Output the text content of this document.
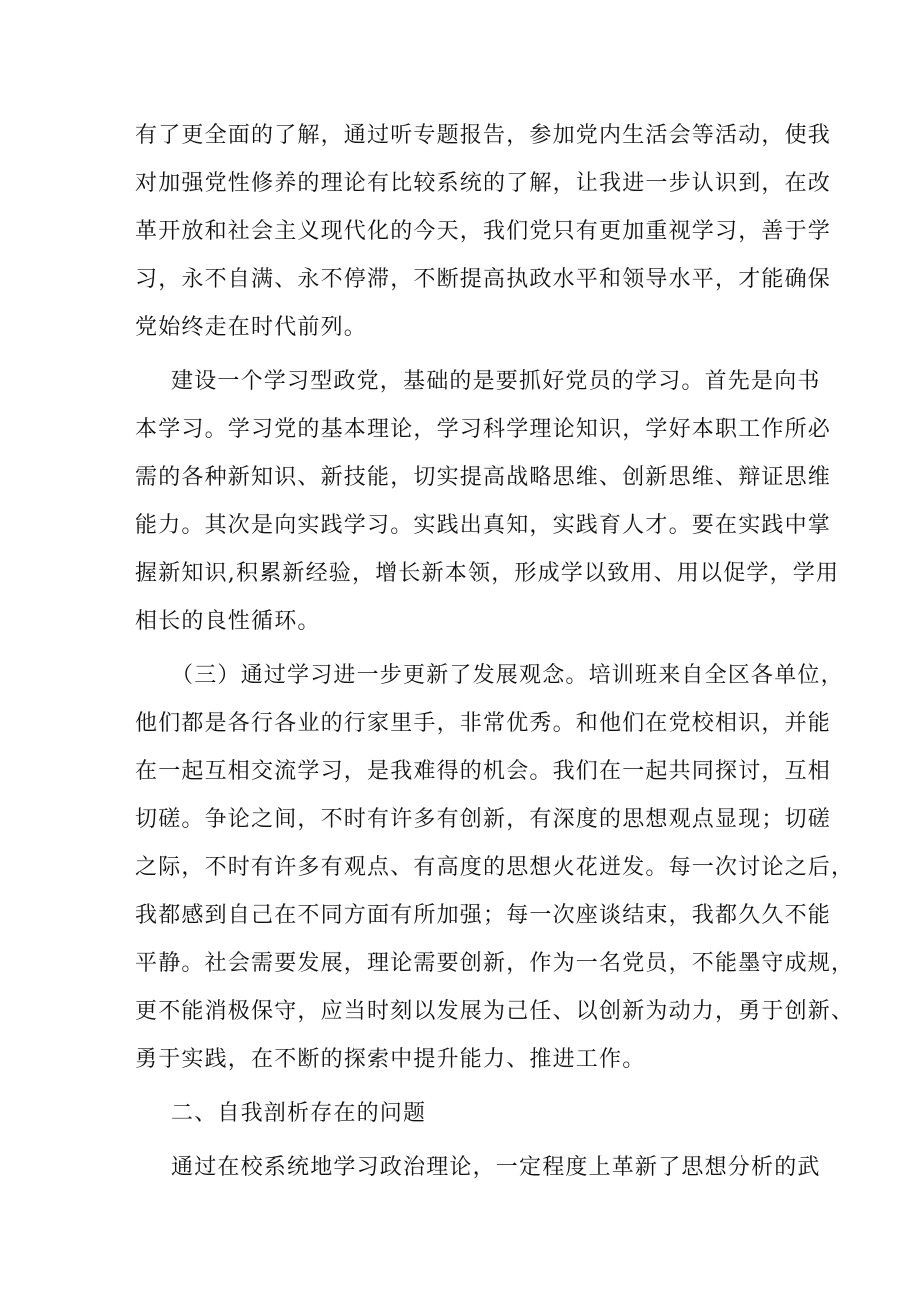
有了更全面的了解，通过听专题报告，参加党内生活会等活动，使我
对加强党性修养的理论有比较系统的了解，让我进一步认识到，在改
革开放和社会主义现代化的今天，我们党只有更加重视学习，善于学
习，永不自满、永不停滞，不断提高执政水平和领导水平，才能确保
党始终走在时代前列。
建设一个学习型政党，基础的是要抓好党员的学习。首先是向书
本学习。学习党的基本理论，学习科学理论知识，学好本职工作所必
需的各种新知识、新技能，切实提高战略思维、创新思维、辩证思维
能力。其次是向实践学习。实践出真知，实践育人才。要在实践中掌
握新知识,积累新经验，增长新本领，形成学以致用、用以促学，学用
相长的良性循环。
（三）通过学习进一步更新了发展观念。培训班来自全区各单位，
他们都是各行各业的行家里手，非常优秀。和他们在党校相识，并能
在一起互相交流学习，是我难得的机会。我们在一起共同探讨，互相
切磋。争论之间，不时有许多有创新，有深度的思想观点显现；切磋
之际，不时有许多有观点、有高度的思想火花迸发。每一次讨论之后，
我都感到自己在不同方面有所加强；每一次座谈结束，我都久久不能
平静。社会需要发展，理论需要创新，作为一名党员，不能墨守成规，
更不能消极保守，应当时刻以发展为己任、以创新为动力，勇于创新、
勇于实践，在不断的探索中提升能力、推进工作。
二、自我剖析存在的问题
通过在校系统地学习政治理论，一定程度上革新了思想分析的武
